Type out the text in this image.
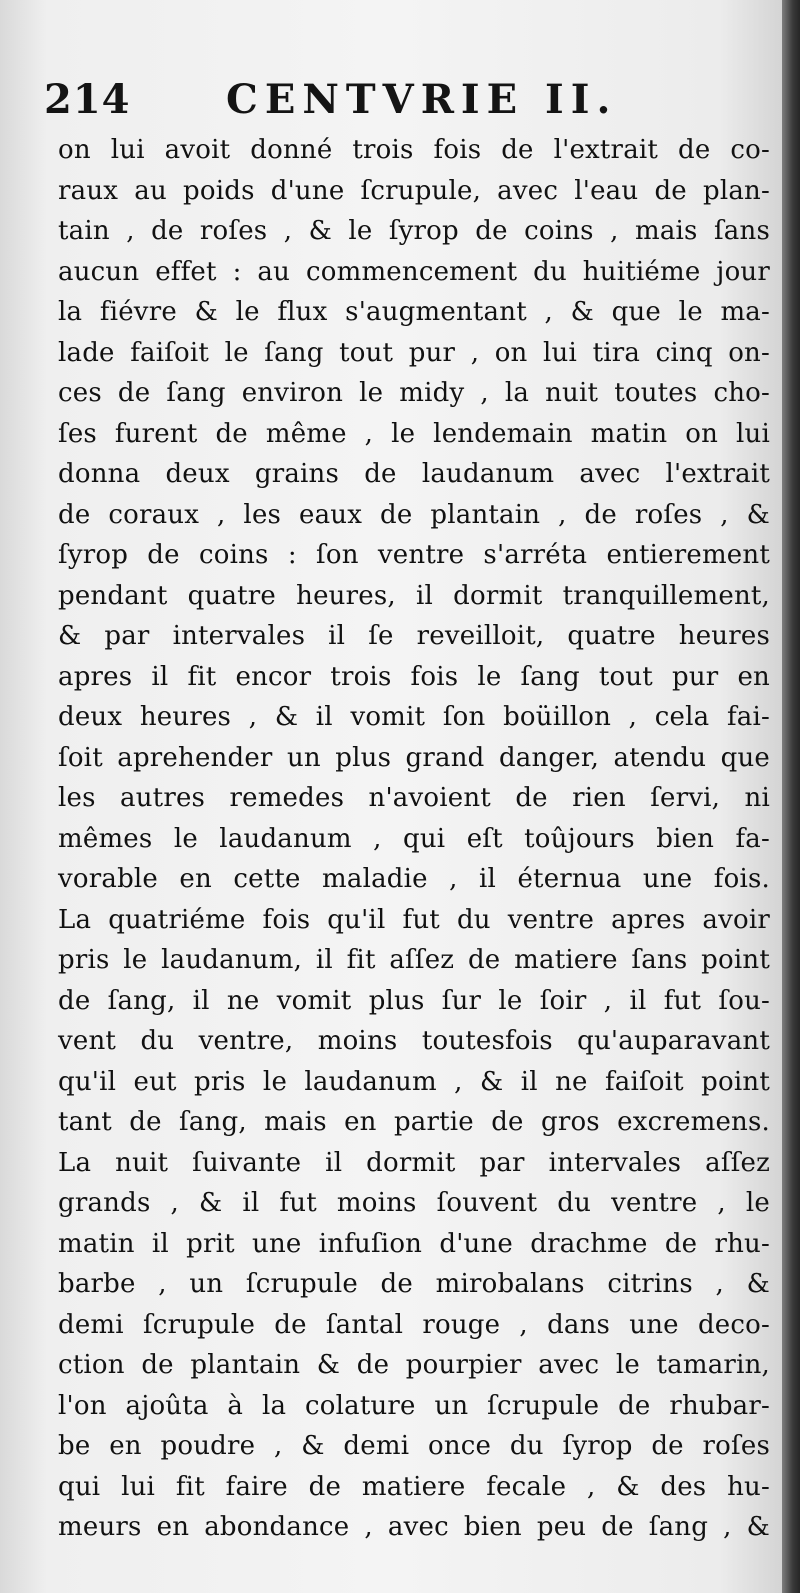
214 CENTVRIE II.
on lui avoit donné trois fois de l'extrait de co-
raux au poids d'une ſcrupule, avec l'eau de plan-
tain , de roſes , & le ſyrop de coins , mais ſans
aucun effet : au commencement du huitiéme jour
la fiévre & le flux s'augmentant , & que le ma-
lade faiſoit le ſang tout pur , on lui tira cinq on-
ces de ſang environ le midy , la nuit toutes cho-
ſes furent de même , le lendemain matin on lui
donna deux grains de laudanum avec l'extrait
de coraux , les eaux de plantain , de roſes , &
ſyrop de coins : ſon ventre s'arréta entierement
pendant quatre heures, il dormit tranquillement,
& par intervales il ſe reveilloit, quatre heures
apres il fit encor trois fois le ſang tout pur en
deux heures , & il vomit ſon boüillon , cela fai-
ſoit aprehender un plus grand danger, atendu que
les autres remedes n'avoient de rien ſervi, ni
mêmes le laudanum , qui eſt toûjours bien fa-
vorable en cette maladie , il éternua une fois.
La quatriéme fois qu'il fut du ventre apres avoir
pris le laudanum, il fit aſſez de matiere ſans point
de ſang, il ne vomit plus ſur le ſoir , il fut ſou-
vent du ventre, moins toutesfois qu'auparavant
qu'il eut pris le laudanum , & il ne faiſoit point
tant de ſang, mais en partie de gros excremens.
La nuit ſuivante il dormit par intervales aſſez
grands , & il fut moins ſouvent du ventre , le
matin il prit une infuſion d'une drachme de rhu-
barbe , un ſcrupule de mirobalans citrins , &
demi ſcrupule de ſantal rouge , dans une deco-
ction de plantain & de pourpier avec le tamarin,
l'on ajoûta à la colature un ſcrupule de rhubar-
be en poudre , & demi once du ſyrop de roſes
qui lui fit faire de matiere fecale , & des hu-
meurs en abondance , avec bien peu de ſang , &
